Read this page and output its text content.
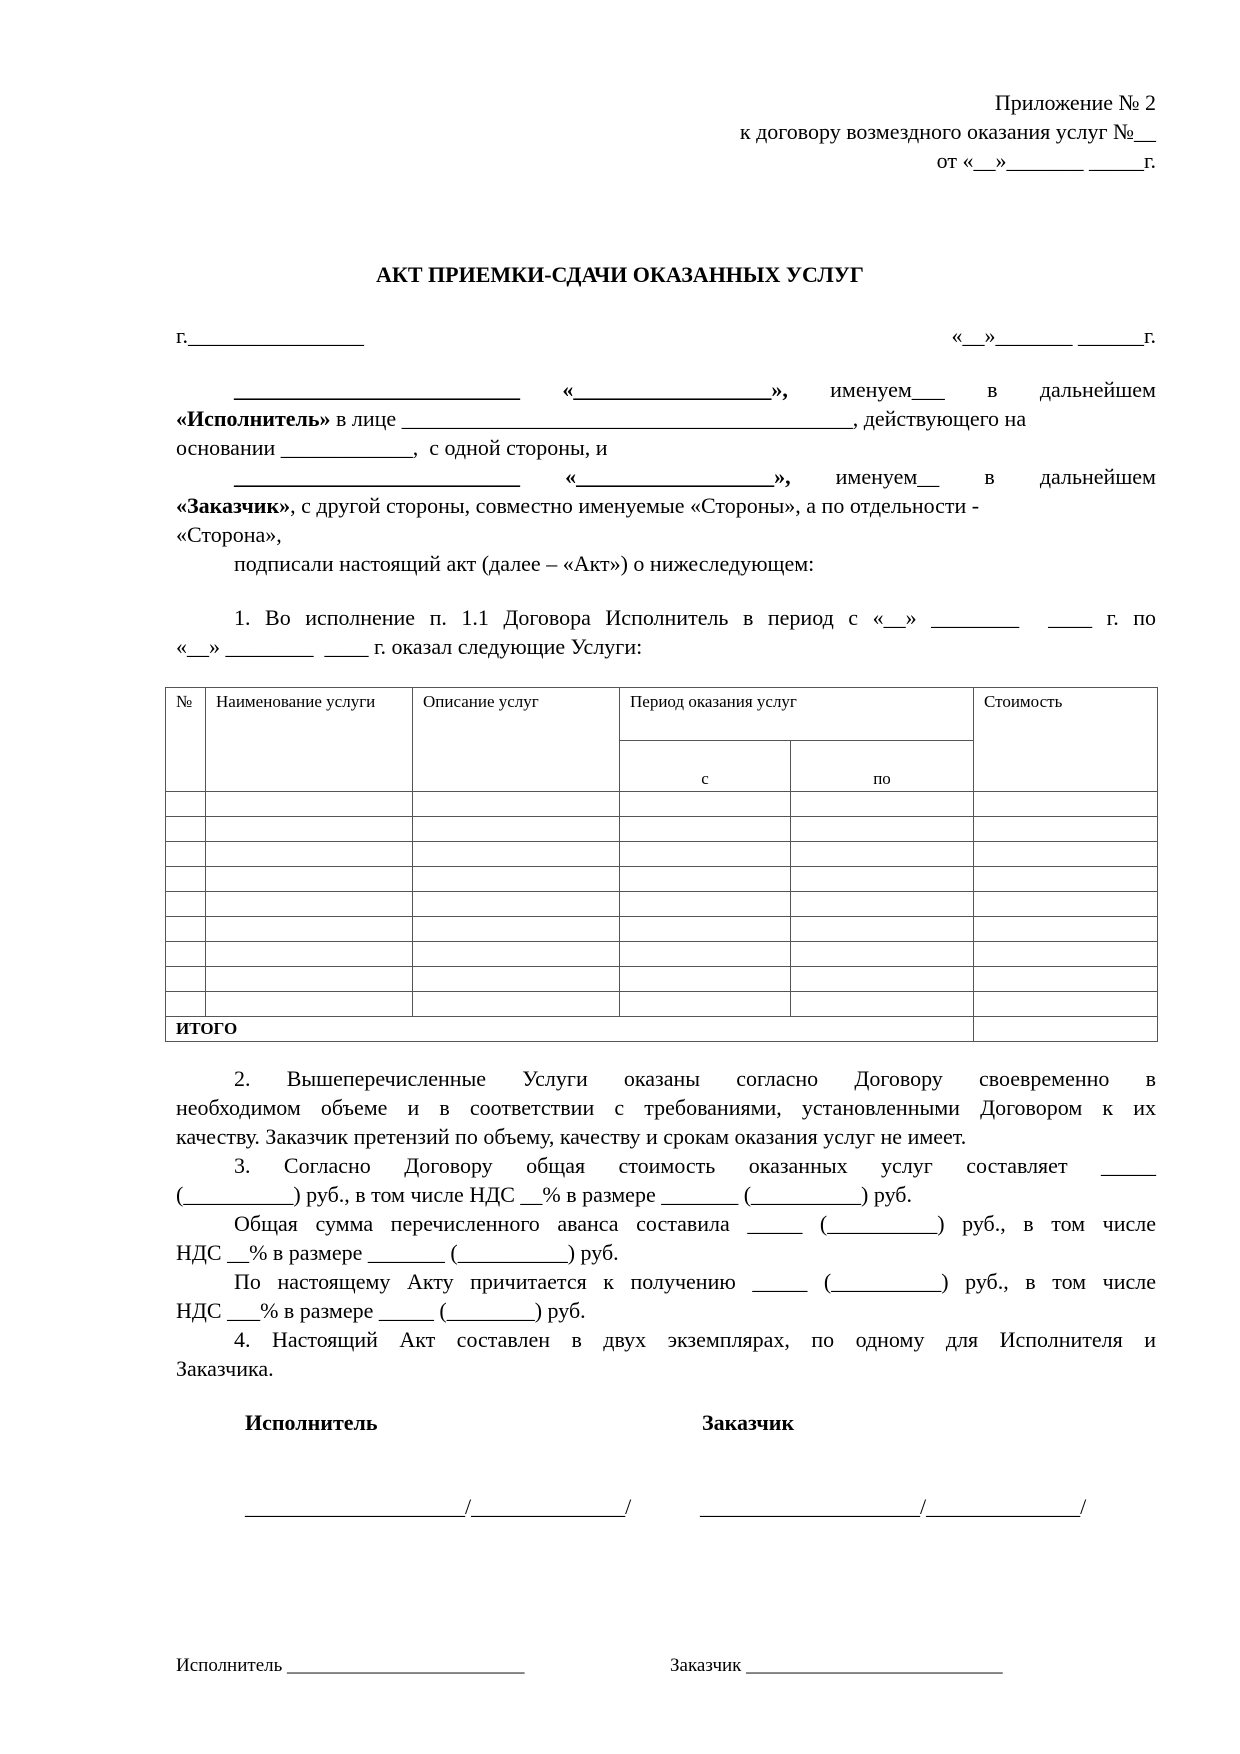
Приложение № 2
к договору возмездного оказания услуг №__
от «__»_______ _____г.
АКТ ПРИЕМКИ-СДАЧИ ОКАЗАННЫХ УСЛУГ
г.________________	«__»_______ ______г.
__________________________ «__________________», именуем___ в дальнейшем
«Исполнитель» в лице _________________________________________, действующего на
основании ____________,  с одной стороны, и
__________________________ «__________________», именуем__ в дальнейшем
«Заказчик», с другой стороны, совместно именуемые «Стороны», а по отдельности -
«Сторона»,
подписали настоящий акт (далее – «Акт») о нижеследующем:
1. Во исполнение п. 1.1 Договора Исполнитель в период с «__» ________  ____ г. по
«__» ________  ____ г. оказал следующие Услуги:
№	Наименование услуги	Описание услуг	Период оказания услуг		Стоимость
			с	по	

ИТОГО					
2. Вышеперечисленные Услуги оказаны согласно Договору своевременно в
необходимом объеме и в соответствии с требованиями, установленными Договором к их
качеству. Заказчик претензий по объему, качеству и срокам оказания услуг не имеет.
3. Согласно Договору общая стоимость оказанных услуг составляет _____
(__________) руб., в том числе НДС __% в размере _______ (__________) руб.
Общая сумма перечисленного аванса составила _____ (__________) руб., в том числе
НДС __% в размере _______ (__________) руб.
По настоящему Акту причитается к получению _____ (__________) руб., в том числе
НДС ___% в размере _____ (________) руб.
4. Настоящий Акт составлен в двух экземплярах, по одному для Исполнителя и
Заказчика.
Исполнитель	Заказчик
____________________/______________/	____________________/______________/
Исполнитель _________________________	Заказчик ___________________________
